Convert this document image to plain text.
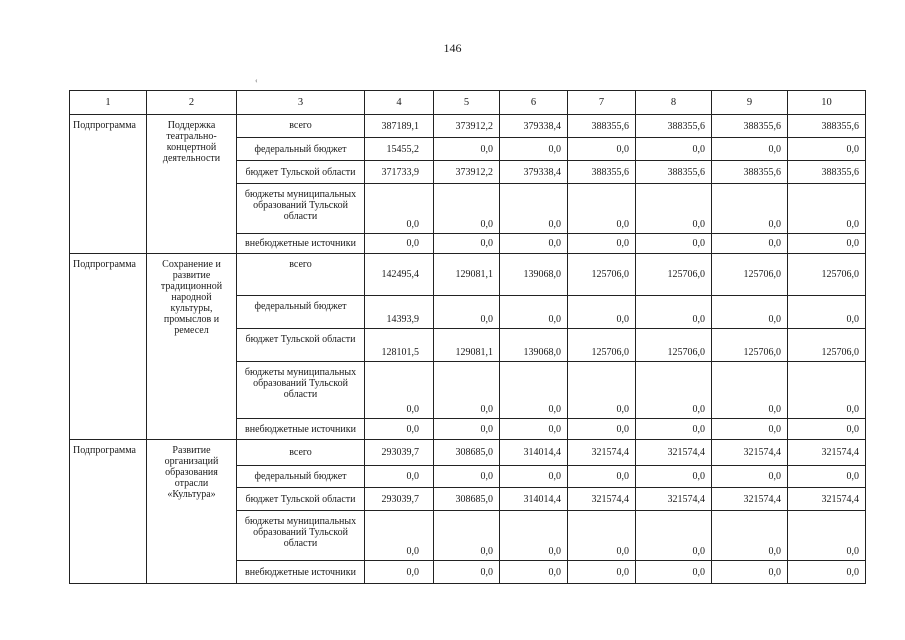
146
‹
1	2	3	4	5	6	7	8	9	10
Подпрограмма	Поддержка театрально-концертной деятельности	всего	387189,1	373912,2	379338,4	388355,6	388355,6	388355,6	388355,6
		федеральный бюджет	15455,2	0,0	0,0	0,0	0,0	0,0	0,0
		бюджет Тульской области	371733,9	373912,2	379338,4	388355,6	388355,6	388355,6	388355,6
		бюджеты муниципальных образований Тульской области	0,0	0,0	0,0	0,0	0,0	0,0	0,0
		внебюджетные источники	0,0	0,0	0,0	0,0	0,0	0,0	0,0
Подпрограмма	Сохранение и развитие традиционной народной культуры, промыслов и ремесел	всего	142495,4	129081,1	139068,0	125706,0	125706,0	125706,0	125706,0
		федеральный бюджет	14393,9	0,0	0,0	0,0	0,0	0,0	0,0
		бюджет Тульской области	128101,5	129081,1	139068,0	125706,0	125706,0	125706,0	125706,0
		бюджеты муниципальных образований Тульской области	0,0	0,0	0,0	0,0	0,0	0,0	0,0
		внебюджетные источники	0,0	0,0	0,0	0,0	0,0	0,0	0,0
Подпрограмма	Развитие организаций образования отрасли «Культура»	всего	293039,7	308685,0	314014,4	321574,4	321574,4	321574,4	321574,4
		федеральный бюджет	0,0	0,0	0,0	0,0	0,0	0,0	0,0
		бюджет Тульской области	293039,7	308685,0	314014,4	321574,4	321574,4	321574,4	321574,4
		бюджеты муниципальных образований Тульской области	0,0	0,0	0,0	0,0	0,0	0,0	0,0
		внебюджетные источники	0,0	0,0	0,0	0,0	0,0	0,0	0,0
